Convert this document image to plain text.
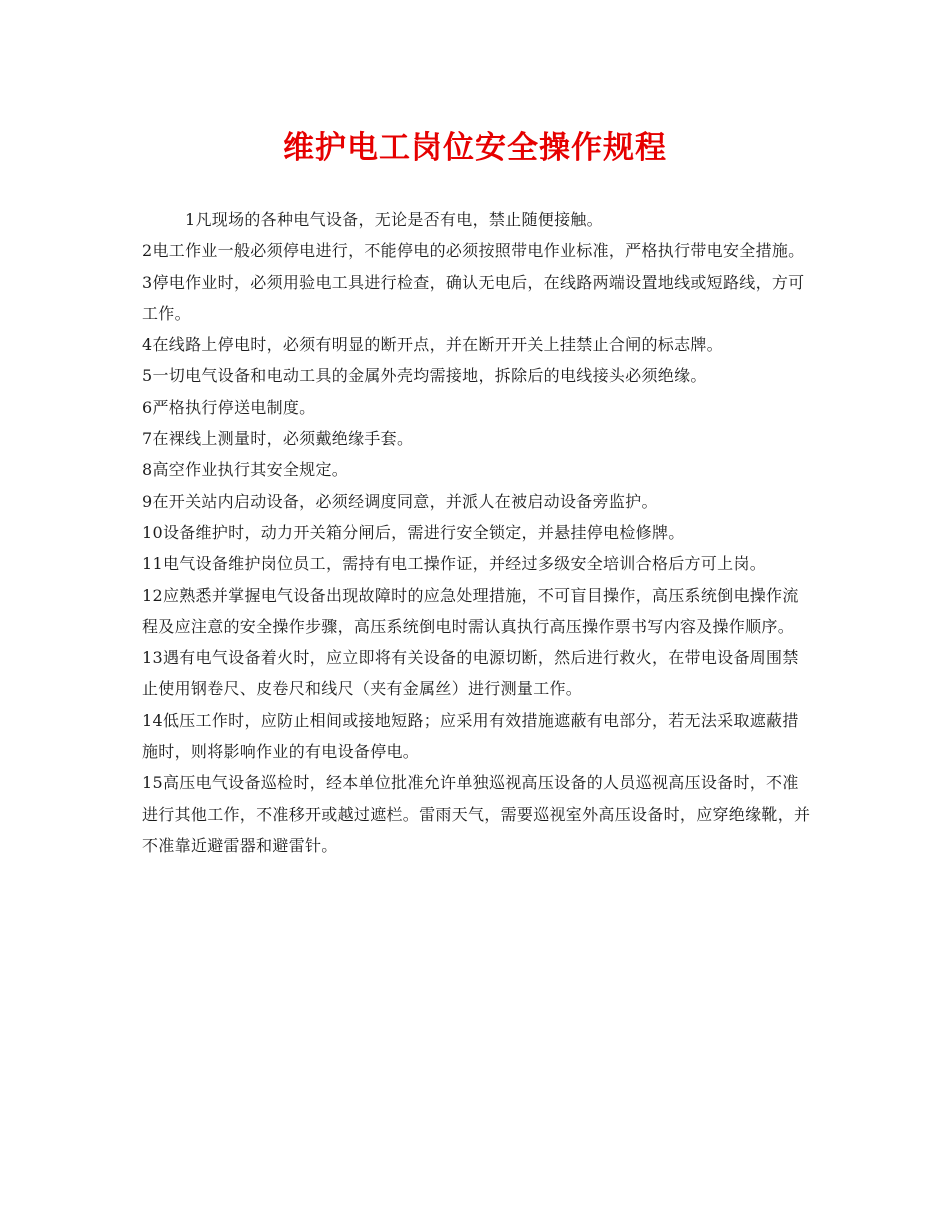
维护电工岗位安全操作规程

1凡现场的各种电气设备，无论是否有电，禁止随便接触。

2电工作业一般必须停电进行，不能停电的必须按照带电作业标准，严格执行带电安全措施。

3停电作业时，必须用验电工具进行检查，确认无电后，在线路两端设置地线或短路线，方可工作。

4在线路上停电时，必须有明显的断开点，并在断开开关上挂禁止合闸的标志牌。

5一切电气设备和电动工具的金属外壳均需接地，拆除后的电线接头必须绝缘。

6严格执行停送电制度。

7在裸线上测量时，必须戴绝缘手套。

8高空作业执行其安全规定。

9在开关站内启动设备，必须经调度同意，并派人在被启动设备旁监护。

10设备维护时，动力开关箱分闸后，需进行安全锁定，并悬挂停电检修牌。

11电气设备维护岗位员工，需持有电工操作证，并经过多级安全培训合格后方可上岗。

12应熟悉并掌握电气设备出现故障时的应急处理措施，不可盲目操作，高压系统倒电操作流程及应注意的安全操作步骤，高压系统倒电时需认真执行高压操作票书写内容及操作顺序。

13遇有电气设备着火时，应立即将有关设备的电源切断，然后进行救火，在带电设备周围禁止使用钢卷尺、皮卷尺和线尺（夹有金属丝）进行测量工作。

14低压工作时，应防止相间或接地短路；应采用有效措施遮蔽有电部分，若无法采取遮蔽措施时，则将影响作业的有电设备停电。

15高压电气设备巡检时，经本单位批准允许单独巡视高压设备的人员巡视高压设备时，不准进行其他工作，不准移开或越过遮栏。雷雨天气，需要巡视室外高压设备时，应穿绝缘靴，并不准靠近避雷器和避雷针。
